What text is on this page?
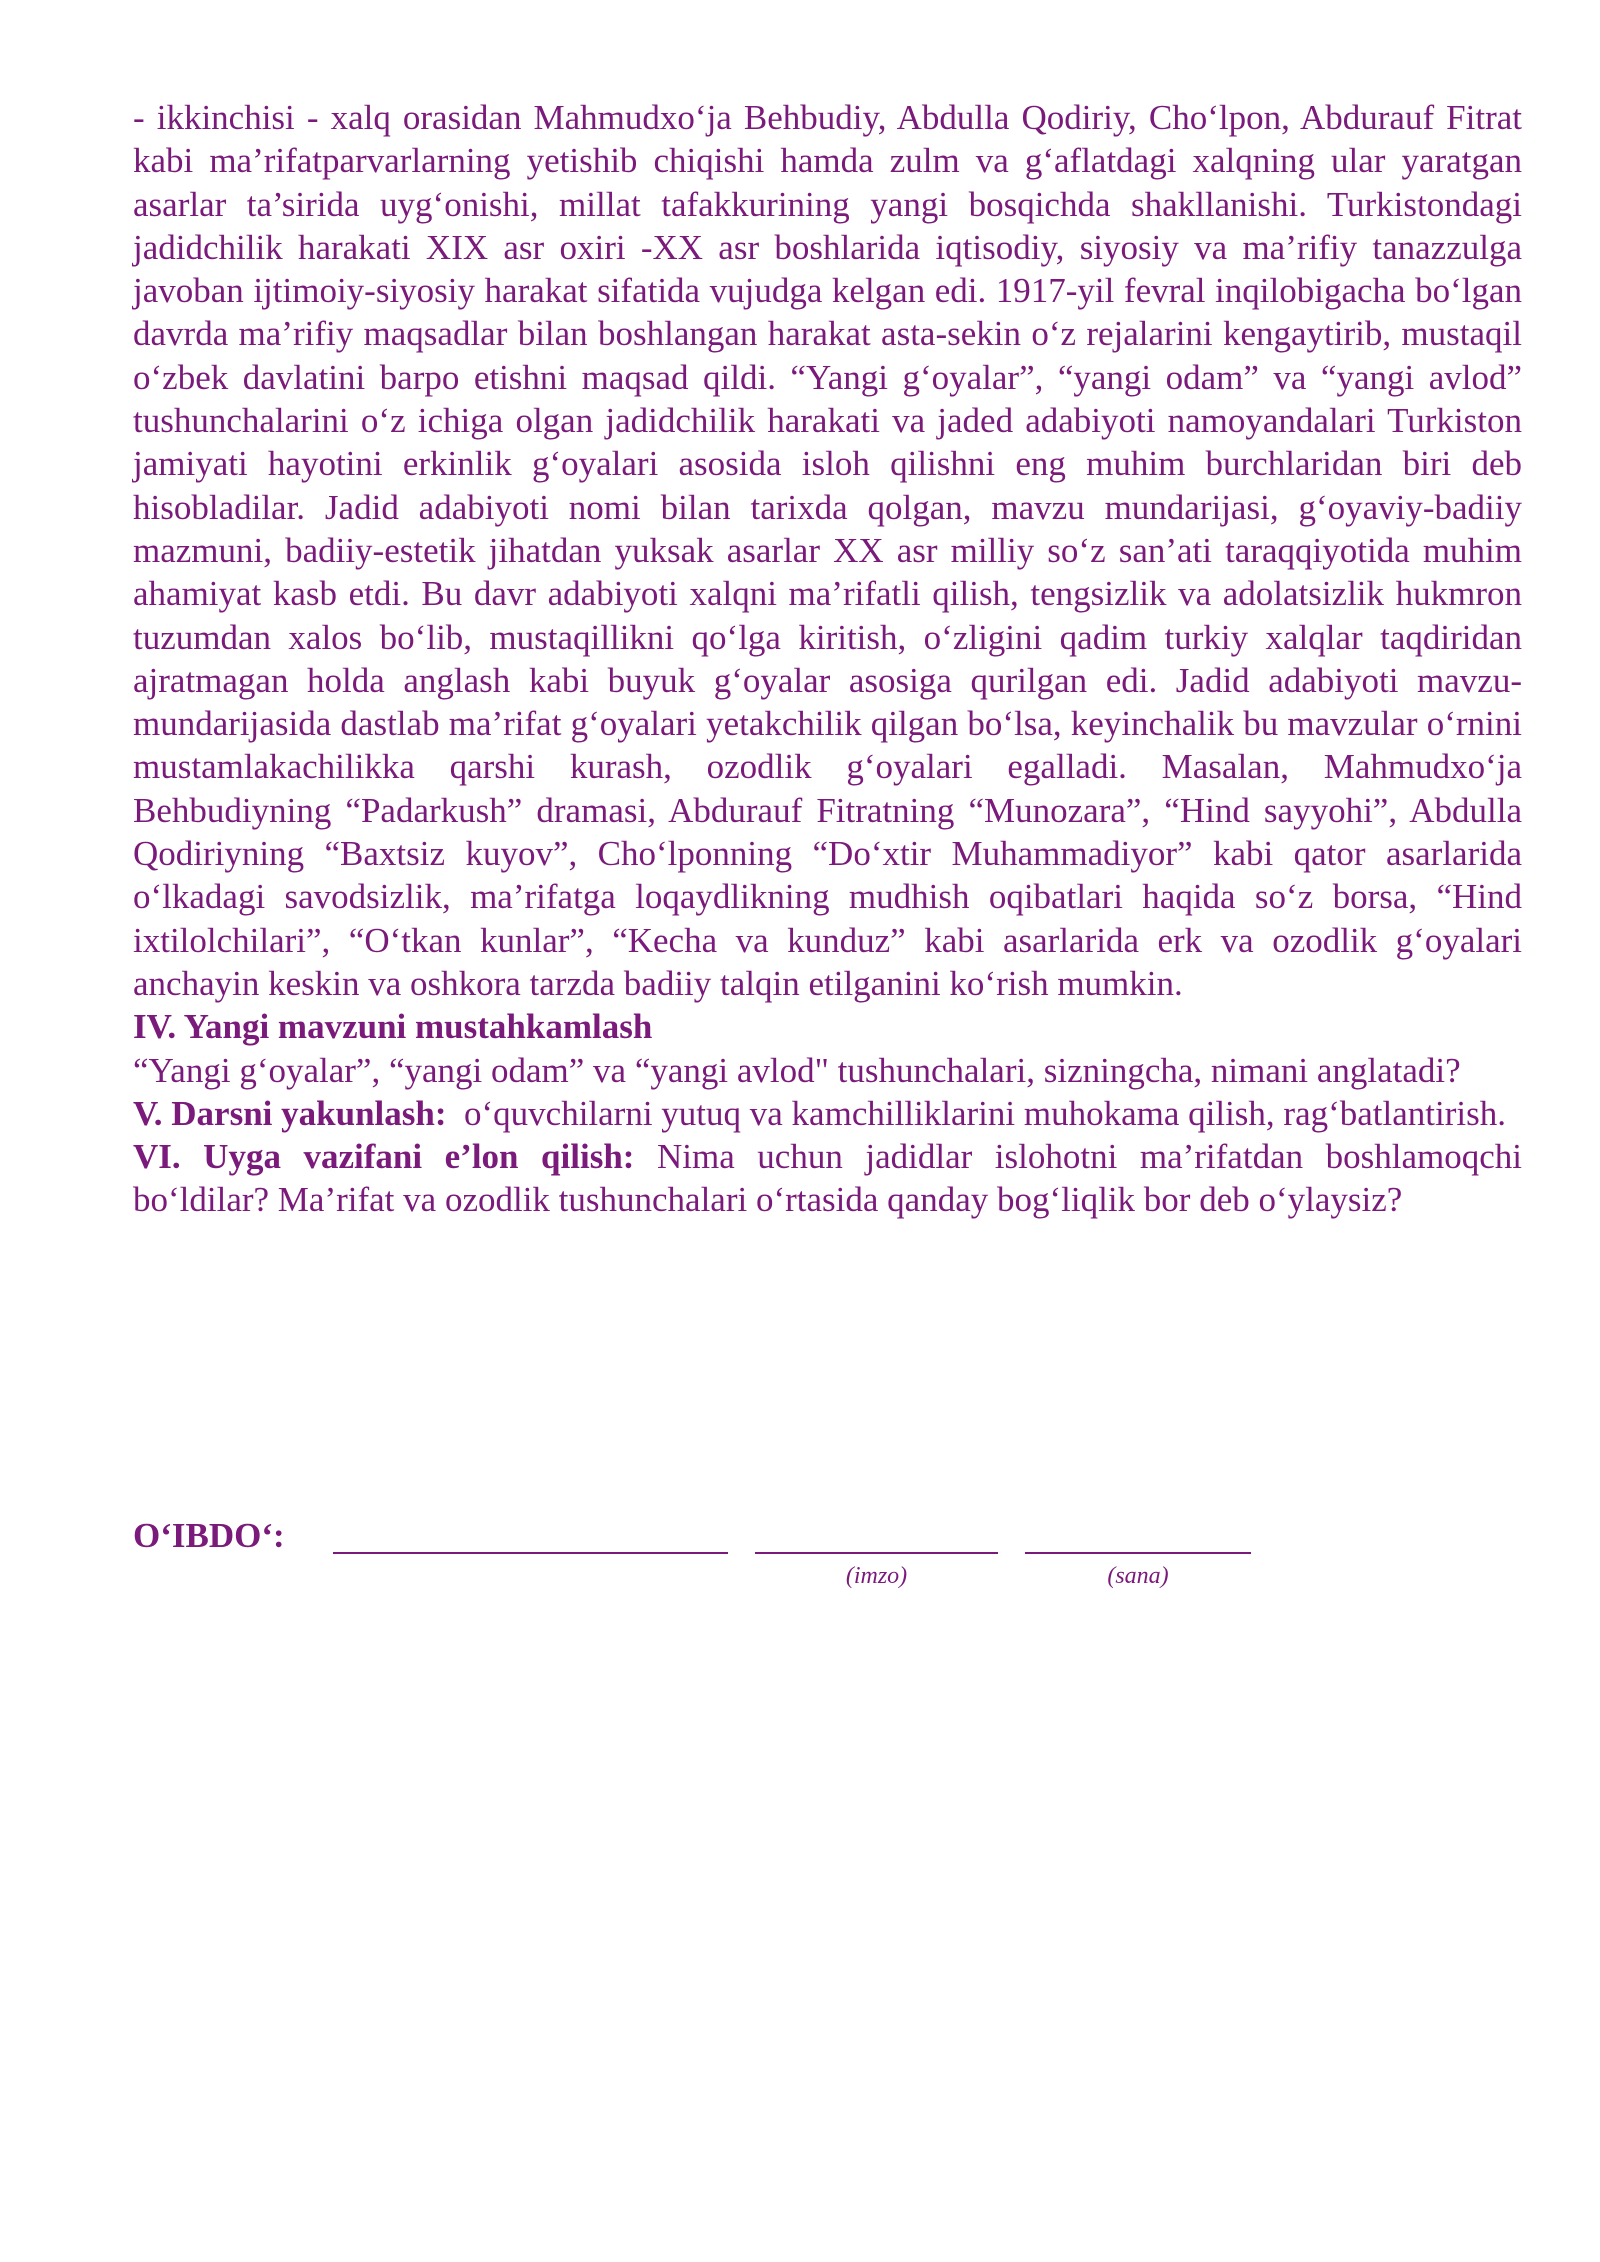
- ikkinchisi - xalq orasidan Mahmudxo‘ja Behbudiy, Abdulla Qodiriy, Cho‘lpon, Abdurauf Fitrat kabi ma’rifatparvarlarning yetishib chiqishi hamda zulm va g‘aflatdagi xalqning ular yaratgan asarlar ta’sirida uyg‘onishi, millat tafakkurining yangi bosqichda shakllanishi. Turkistondagi jadidchilik harakati XIX asr oxiri -XX asr boshlarida iqtisodiy, siyosiy va ma’rifiy tanazzulga javoban ijtimoiy-siyosiy harakat sifatida vujudga kelgan edi. 1917-yil fevral inqilobigacha bo‘lgan davrda ma’rifiy maqsadlar bilan boshlangan harakat asta-sekin o‘z rejalarini kengaytirib, mustaqil o‘zbek davlatini barpo etishni maqsad qildi. “Yangi g‘oyalar”, “yangi odam” va “yangi avlod” tushunchalarini o‘z ichiga olgan jadidchilik harakati va jaded adabiyoti namoyandalari Turkiston jamiyati hayotini erkinlik g‘oyalari asosida isloh qilishni eng muhim burchlaridan biri deb hisobladilar. Jadid adabiyoti nomi bilan tarixda qolgan, mavzu mundarijasi, g‘oyaviy-badiiy mazmuni, badiiy-estetik jihatdan yuksak asarlar XX asr milliy so‘z san’ati taraqqiyotida muhim ahamiyat kasb etdi. Bu davr adabiyoti xalqni ma’rifatli qilish, tengsizlik va adolatsizlik hukmron tuzumdan xalos bo‘lib, mustaqillikni qo‘lga kiritish, o‘zligini qadim turkiy xalqlar taqdiridan ajratmagan holda anglash kabi buyuk g‘oyalar asosiga qurilgan edi. Jadid adabiyoti mavzu-mundarijasida dastlab ma’rifat g‘oyalari yetakchilik qilgan bo‘lsa, keyinchalik bu mavzular o‘rnini mustamlakachilikka qarshi kurash, ozodlik g‘oyalari egalladi. Masalan, Mahmudxo‘ja Behbudiyning “Padarkush” dramasi, Abdurauf Fitratning “Munozara”, “Hind sayyohi”, Abdulla Qodiriyning “Baxtsiz kuyov”, Cho‘lponning “Do‘xtir Muhammadiyor” kabi qator asarlarida o‘lkadagi savodsizlik, ma’rifatga loqaydlikning mudhish oqibatlari haqida so‘z borsa, “Hind ixtilolchilari”, “O‘tkan kunlar”, “Kecha va kunduz” kabi asarlarida erk va ozodlik g‘oyalari anchayin keskin va oshkora tarzda badiiy talqin etilganini ko‘rish mumkin.

IV. Yangi mavzuni mustahkamlash

“Yangi g‘oyalar”, “yangi odam” va “yangi avlod" tushunchalari, sizningcha, nimani anglatadi?

V. Darsni yakunlash:  o‘quvchilarni yutuq va kamchilliklarini muhokama qilish, rag‘batlantirish.

VI. Uyga vazifani e’lon qilish: Nima uchun jadidlar islohotni ma’rifatdan boshlamoqchi bo‘ldilar? Ma’rifat va ozodlik tushunchalari o‘rtasida qanday bog‘liqlik bor deb o‘ylaysiz?

O‘IBDO‘:
(imzo)	(sana)
